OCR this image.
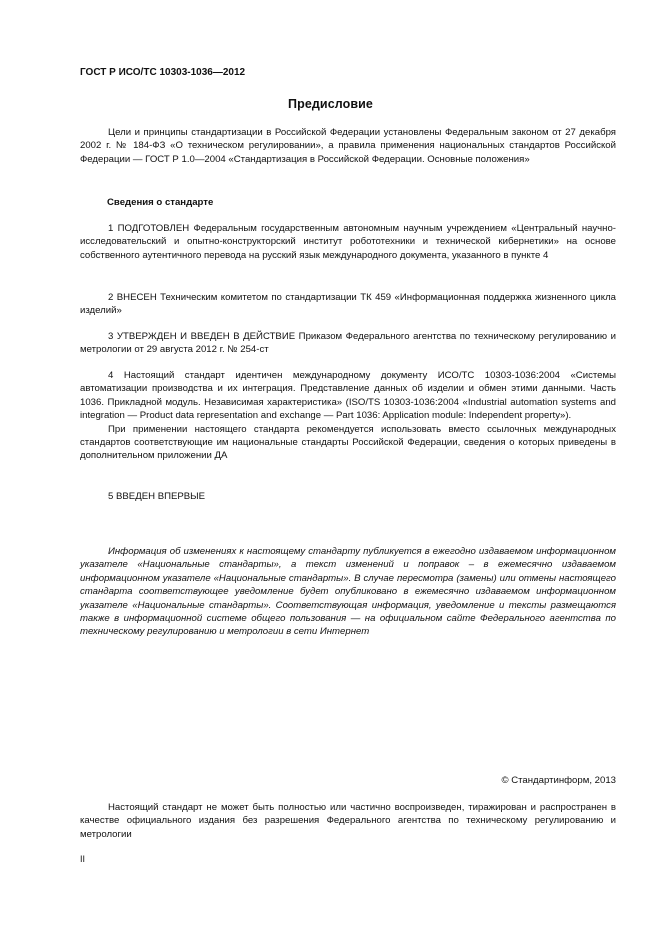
ГОСТ Р ИСО/ТС 10303-1036—2012
Предисловие

Цели и принципы стандартизации в Российской Федерации установлены Федеральным законом от 27 декабря 2002 г. № 184-ФЗ «О техническом регулировании», а правила применения национальных стандартов Российской Федерации — ГОСТ Р 1.0—2004 «Стандартизация в Российской Федерации. Основные положения»

Сведения о стандарте

1 ПОДГОТОВЛЕН Федеральным государственным автономным научным учреждением «Центральный научно-исследовательский и опытно-конструкторский институт робототехники и технической кибернетики» на основе собственного аутентичного перевода на русский язык международного документа, указанного в пункте 4

2 ВНЕСЕН Техническим комитетом по стандартизации ТК 459 «Информационная поддержка жизненного цикла изделий»

3 УТВЕРЖДЕН И ВВЕДЕН В ДЕЙСТВИЕ Приказом Федерального агентства по техническому регулированию и метрологии от 29 августа 2012 г. № 254-ст

4 Настоящий стандарт идентичен международному документу ИСО/ТС 10303-1036:2004 «Системы автоматизации производства и их интеграция. Представление данных об изделии и обмен этими данными. Часть 1036. Прикладной модуль. Независимая характеристика» (ISO/TS 10303-1036:2004 «Industrial automation systems and integration — Product data representation and exchange — Part 1036: Application module: Independent property»).

При применении настоящего стандарта рекомендуется использовать вместо ссылочных международных стандартов соответствующие им национальные стандарты Российской Федерации, сведения о которых приведены в дополнительном приложении ДА

5 ВВЕДЕН ВПЕРВЫЕ

Информация об изменениях к настоящему стандарту публикуется в ежегодно издаваемом информационном указателе «Национальные стандарты», а текст изменений и поправок – в ежемесячно издаваемом информационном указателе «Национальные стандарты». В случае пересмотра (замены) или отмены настоящего стандарта соответствующее уведомление будет опубликовано в ежемесячно издаваемом информационном указателе «Национальные стандарты». Соответствующая информация, уведомление и тексты размещаются также в информационной системе общего пользования — на официальном сайте Федерального агентства по техническому регулированию и метрологии в сети Интернет

© Стандартинформ, 2013

Настоящий стандарт не может быть полностью или частично воспроизведен, тиражирован и распространен в качестве официального издания без разрешения Федерального агентства по техническому регулированию и метрологии

II
